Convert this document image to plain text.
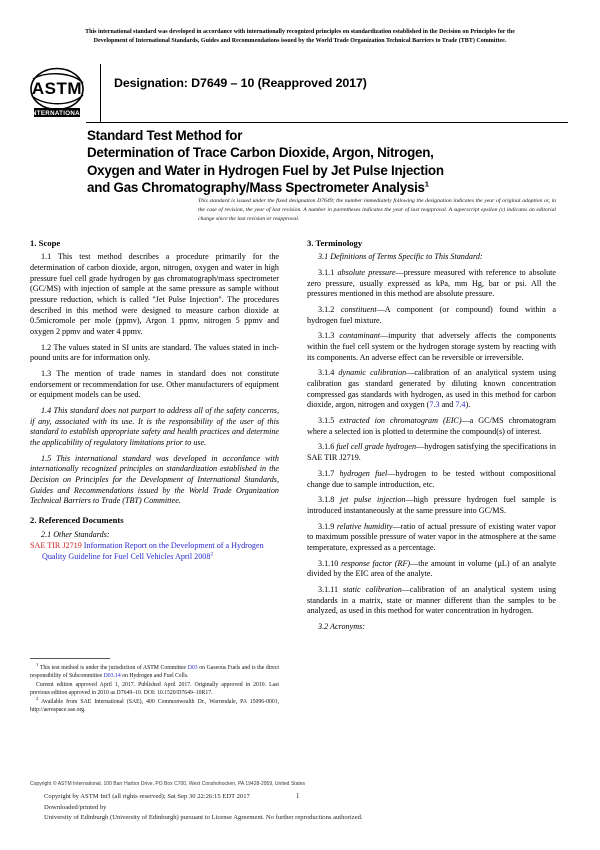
This international standard was developed in accordance with internationally recognized principles on standardization established in the Decision on Principles for the
Development of International Standards, Guides and Recommendations issued by the World Trade Organization Technical Barriers to Trade (TBT) Committee.
ASTM
INTERNATIONAL
Designation: D7649 – 10 (Reapproved 2017)
Standard Test Method for
Determination of Trace Carbon Dioxide, Argon, Nitrogen,
Oxygen and Water in Hydrogen Fuel by Jet Pulse Injection
and Gas Chromatography/Mass Spectrometer Analysis$^1$
This standard is issued under the fixed designation D7649; the number immediately following the designation indicates the year of original adoption or, in the case of revision, the year of last revision. A number in parentheses indicates the year of last reapproval. A superscript epsilon (ε) indicates an editorial change since the last revision or reapproval.
1. Scope

1.1 This test method describes a procedure primarily for the determination of carbon dioxide, argon, nitrogen, oxygen and water in high pressure fuel cell grade hydrogen by gas chromatograph/mass spectrometer (GC/MS) with injection of sample at the same pressure as sample without pressure reduction, which is called "Jet Pulse Injection". The procedures described in this method were designed to measure carbon dioxide at 0.5micromole per mole (ppmv), Argon 1 ppmv, nitrogen 5 ppmv and oxygen 2 ppmv and water 4 ppmv.

1.2 The values stated in SI units are standard. The values stated in inch-pound units are for information only.

1.3 The mention of trade names in standard does not constitute endorsement or recommendation for use. Other manufacturers of equipment or equipment models can be used.

1.4 This standard does not purport to address all of the safety concerns, if any, associated with its use. It is the responsibility of the user of this standard to establish appropriate safety and health practices and determine the applicability of regulatory limitations prior to use.

1.5 This international standard was developed in accordance with internationally recognized principles on standardization established in the Decision on Principles for the Development of International Standards, Guides and Recommendations issued by the World Trade Organization Technical Barriers to Trade (TBT) Committee.

2. Referenced Documents

2.1 Other Standards:

SAE TIR J2719 Information Report on the Development of a Hydrogen Quality Guideline for Fuel Cell Vehicles April 2008$^2$

$^1$ This test method is under the jurisdiction of ASTM Committee D03 on Gaseous Fuels and is the direct responsibility of Subcommittee D03.14 on Hydrogen and Fuel Cells.

Current edition approved April 1, 2017. Published April 2017. Originally approved in 2010. Last previous edition approved in 2010 as D7649–10. DOI: 10.1520/D7649–10R17.

$^2$ Available from SAE International (SAE), 400 Commonwealth Dr., Warrendale, PA 15096-0001, http://aerospace.sae.org.

3. Terminology

3.1 Definitions of Terms Specific to This Standard:

3.1.1 absolute pressure—pressure measured with reference to absolute zero pressure, usually expressed as kPa, mm Hg, bar or psi. All the pressures mentioned in this method are absolute pressure.

3.1.2 constituent—A component (or compound) found within a hydrogen fuel mixture.

3.1.3 contaminant—impurity that adversely affects the components within the fuel cell system or the hydrogen storage system by reacting with its components. An adverse effect can be reversible or irreversible.

3.1.4 dynamic calibration—calibration of an analytical system using calibration gas standard generated by diluting known concentration compressed gas standards with hydrogen, as used in this method for carbon dioxide, argon, nitrogen and oxygen (7.3 and 7.4).

3.1.5 extracted ion chromatogram (EIC)—a GC/MS chromatogram where a selected ion is plotted to determine the compound(s) of interest.

3.1.6 fuel cell grade hydrogen—hydrogen satisfying the specifications in SAE TIR J2719.

3.1.7 hydrogen fuel—hydrogen to be tested without compositional change due to sample introduction, etc.

3.1.8 jet pulse injection—high pressure hydrogen fuel sample is introduced instantaneously at the same pressure into GC/MS.

3.1.9 relative humidity—ratio of actual pressure of existing water vapor to maximum possible pressure of water vapor in the atmosphere at the same temperature, expressed as a percentage.

3.1.10 response factor (RF)—the amount in volume (µL) of an analyte divided by the EIC area of the analyte.

3.1.11 static calibration—calibration of an analytical system using standards in a matrix, state or manner different than the samples to be analyzed, as used in this method for water concentration in hydrogen.

3.2 Acronyms:

Copyright © ASTM International, 100 Barr Harbor Drive, PO Box C700, West Conshohocken, PA 19428-2959, United States
Copyright by ASTM Int'l (all rights reserved); Sat Sep 30 22:26:15 EDT 2017
Downloaded/printed by
University of Edinburgh (University of Edinburgh) pursuant to License Agreement. No further reproductions authorized.
1
